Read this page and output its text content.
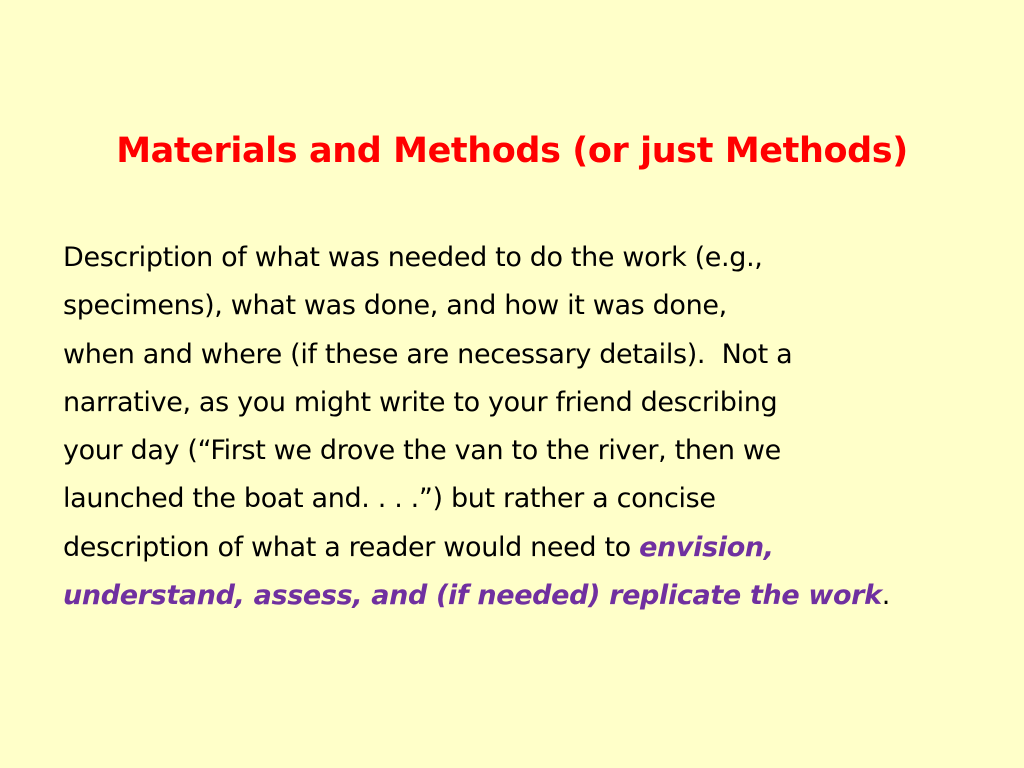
Materials and Methods (or just Methods)
Description of what was needed to do the work (e.g.,
specimens), what was done, and how it was done,
when and where (if these are necessary details).  Not a
narrative, as you might write to your friend describing
your day (“First we drove the van to the river, then we
launched the boat and. . . .”) but rather a concise
description of what a reader would need to envision,
understand, assess, and (if needed) replicate the work.
